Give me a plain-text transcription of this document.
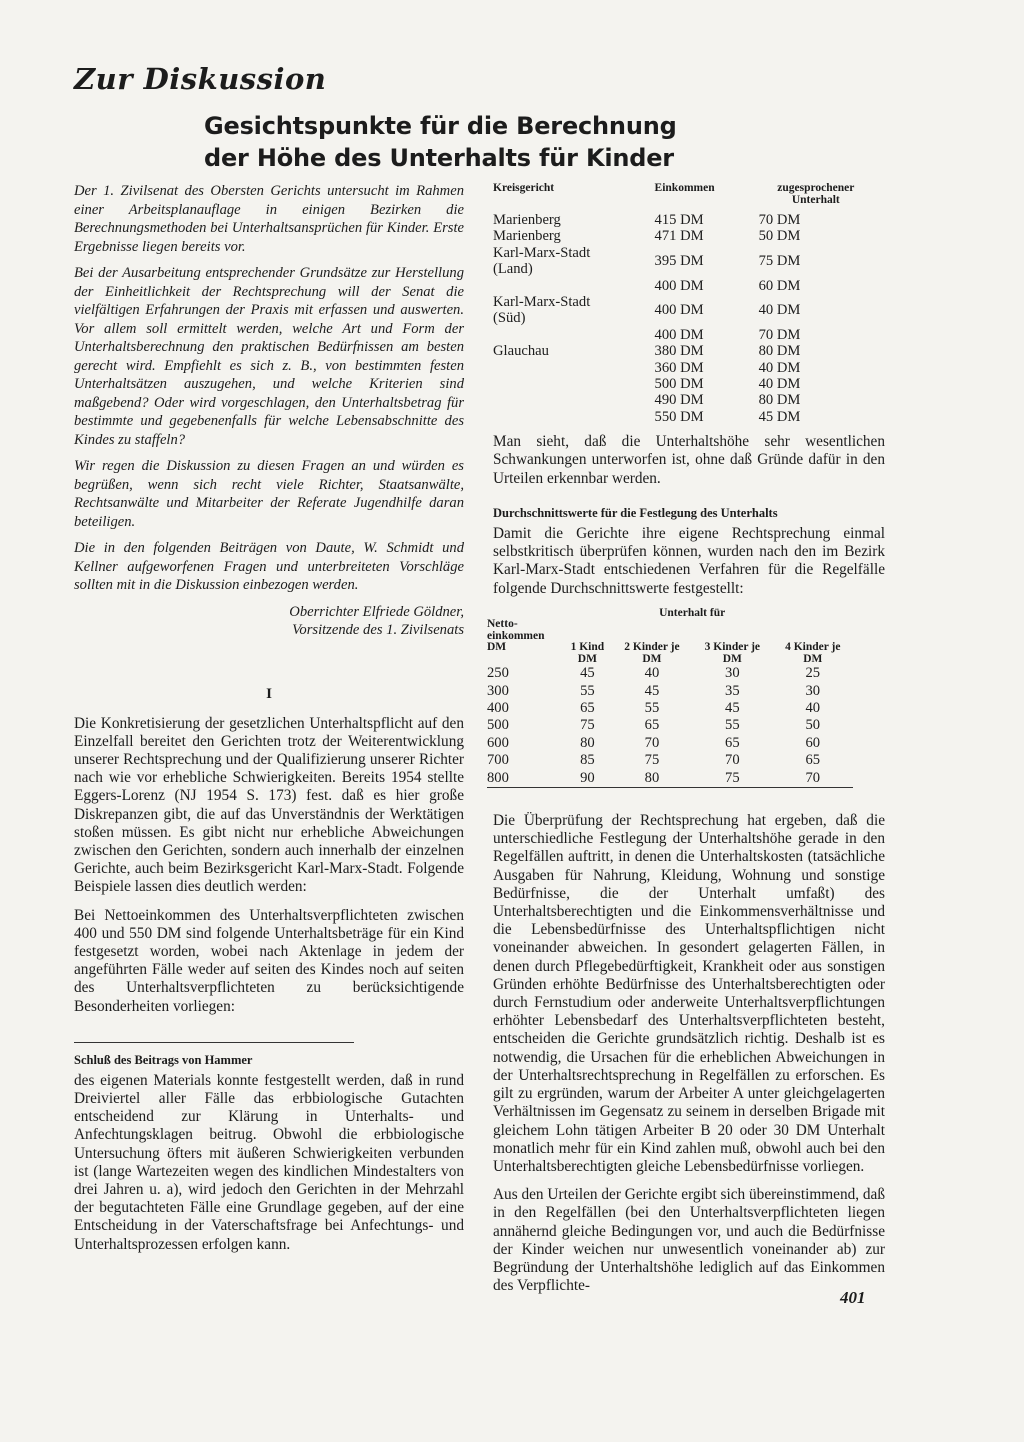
Zur Diskussion
Gesichtspunkte für die Berechnung
der Höhe des Unterhalts für Kinder

Der 1. Zivilsenat des Obersten Gerichts untersucht im Rahmen einer Arbeitsplanauflage in einigen Bezirken die Berechnungsmethoden bei Unterhaltsansprüchen für Kinder. Erste Ergebnisse liegen bereits vor.

Bei der Ausarbeitung entsprechender Grundsätze zur Herstellung der Einheitlichkeit der Rechtsprechung will der Senat die vielfältigen Erfahrungen der Praxis mit erfassen und auswerten. Vor allem soll ermittelt werden, welche Art und Form der Unterhaltsberechnung den praktischen Bedürfnissen am besten gerecht wird. Empfiehlt es sich z. B., von bestimmten festen Unterhaltsätzen auszugehen, und welche Kriterien sind maßgebend? Oder wird vorgeschlagen, den Unterhaltsbetrag für bestimmte und gegebenenfalls für welche Lebensabschnitte des Kindes zu staffeln?

Wir regen die Diskussion zu diesen Fragen an und würden es begrüßen, wenn sich recht viele Richter, Staatsanwälte, Rechtsanwälte und Mitarbeiter der Referate Jugendhilfe daran beteiligen.

Die in den folgenden Beiträgen von Daute, W. Schmidt und Kellner aufgeworfenen Fragen und unterbreiteten Vorschläge sollten mit in die Diskussion einbezogen werden.

Oberrichter Elfriede Göldner,
Vorsitzende des 1. Zivilsenats
I

Die Konkretisierung der gesetzlichen Unterhaltspflicht auf den Einzelfall bereitet den Gerichten trotz der Weiterentwicklung unserer Rechtsprechung und der Qualifizierung unserer Richter nach wie vor erhebliche Schwierigkeiten. Bereits 1954 stellte Eggers-Lorenz (NJ 1954 S. 173) fest. daß es hier große Diskrepanzen gibt, die auf das Unverständnis der Werktätigen stoßen müssen. Es gibt nicht nur erhebliche Abweichungen zwischen den Gerichten, sondern auch innerhalb der einzelnen Gerichte, auch beim Bezirksgericht Karl-Marx-Stadt. Folgende Beispiele lassen dies deutlich werden:

Bei Nettoeinkommen des Unterhaltsverpflichteten zwischen 400 und 550 DM sind folgende Unterhaltsbeträge für ein Kind festgesetzt worden, wobei nach Aktenlage in jedem der angeführten Fälle weder auf seiten des Kindes noch auf seiten des Unterhaltsverpflichteten zu berücksichtigende Besonderheiten vorliegen:

Schluß des Beitrags von Hammer

des eigenen Materials konnte festgestellt werden, daß in rund Dreiviertel aller Fälle das erbbiologische Gutachten entscheidend zur Klärung in Unterhalts- und Anfechtungsklagen beitrug. Obwohl die erbbiologische Untersuchung öfters mit äußeren Schwierigkeiten verbunden ist (lange Wartezeiten wegen des kindlichen Mindestalters von drei Jahren u. a), wird jedoch den Gerichten in der Mehrzahl der begutachteten Fälle eine Grundlage gegeben, auf der eine Entscheidung in der Vaterschaftsfrage bei Anfechtungs- und Unterhaltsprozessen erfolgen kann.

Kreisgericht	Einkommen	zugesprochener Unterhalt
Marienberg	415 DM	70 DM
Marienberg	471 DM	50 DM
Karl-Marx-Stadt (Land)	395 DM	75 DM
	400 DM	60 DM
Karl-Marx-Stadt (Süd)	400 DM	40 DM
	400 DM	70 DM
Glauchau	380 DM	80 DM
	360 DM	40 DM
	500 DM	40 DM
	490 DM	80 DM
	550 DM	45 DM

Man sieht, daß die Unterhaltshöhe sehr wesentlichen Schwankungen unterworfen ist, ohne daß Gründe dafür in den Urteilen erkennbar werden.

Durchschnittswerte für die Festlegung des Unterhalts

Damit die Gerichte ihre eigene Rechtsprechung einmal selbstkritisch überprüfen können, wurden nach den im Bezirk Karl-Marx-Stadt entschiedenen Verfahren für die Regelfälle folgende Durchschnittswerte festgestellt:

		Unterhalt für		
Netto-einkommen DM	1 Kind	2 Kinder je	3 Kinder je	4 Kinder je
	DM	DM	DM	DM
250	45	40	30	25
300	55	45	35	30
400	65	55	45	40
500	75	65	55	50
600	80	70	65	60
700	85	75	70	65
800	90	80	75	70

Die Überprüfung der Rechtsprechung hat ergeben, daß die unterschiedliche Festlegung der Unterhaltshöhe gerade in den Regelfällen auftritt, in denen die Unterhaltskosten (tatsächliche Ausgaben für Nahrung, Kleidung, Wohnung und sonstige Bedürfnisse, die der Unterhalt umfaßt) des Unterhaltsberechtigten und die Einkommensverhältnisse und die Lebensbedürfnisse des Unterhaltspflichtigen nicht voneinander abweichen. In gesondert gelagerten Fällen, in denen durch Pflegebedürftigkeit, Krankheit oder aus sonstigen Gründen erhöhte Bedürfnisse des Unterhaltsberechtigten oder durch Fernstudium oder anderweite Unterhaltsverpflichtungen erhöhter Lebensbedarf des Unterhaltsverpflichteten besteht, entscheiden die Gerichte grundsätzlich richtig. Deshalb ist es notwendig, die Ursachen für die erheblichen Abweichungen in der Unterhaltsrechtsprechung in Regelfällen zu erforschen. Es gilt zu ergründen, warum der Arbeiter A unter gleichgelagerten Verhältnissen im Gegensatz zu seinem in derselben Brigade mit gleichem Lohn tätigen Arbeiter B 20 oder 30 DM Unterhalt monatlich mehr für ein Kind zahlen muß, obwohl auch bei den Unterhaltsberechtigten gleiche Lebensbedürfnisse vorliegen.

Aus den Urteilen der Gerichte ergibt sich übereinstimmend, daß in den Regelfällen (bei den Unterhaltsverpflichteten liegen annähernd gleiche Bedingungen vor, und auch die Bedürfnisse der Kinder weichen nur unwesentlich voneinander ab) zur Begründung der Unterhaltshöhe lediglich auf das Einkommen des Verpflichte-

401
